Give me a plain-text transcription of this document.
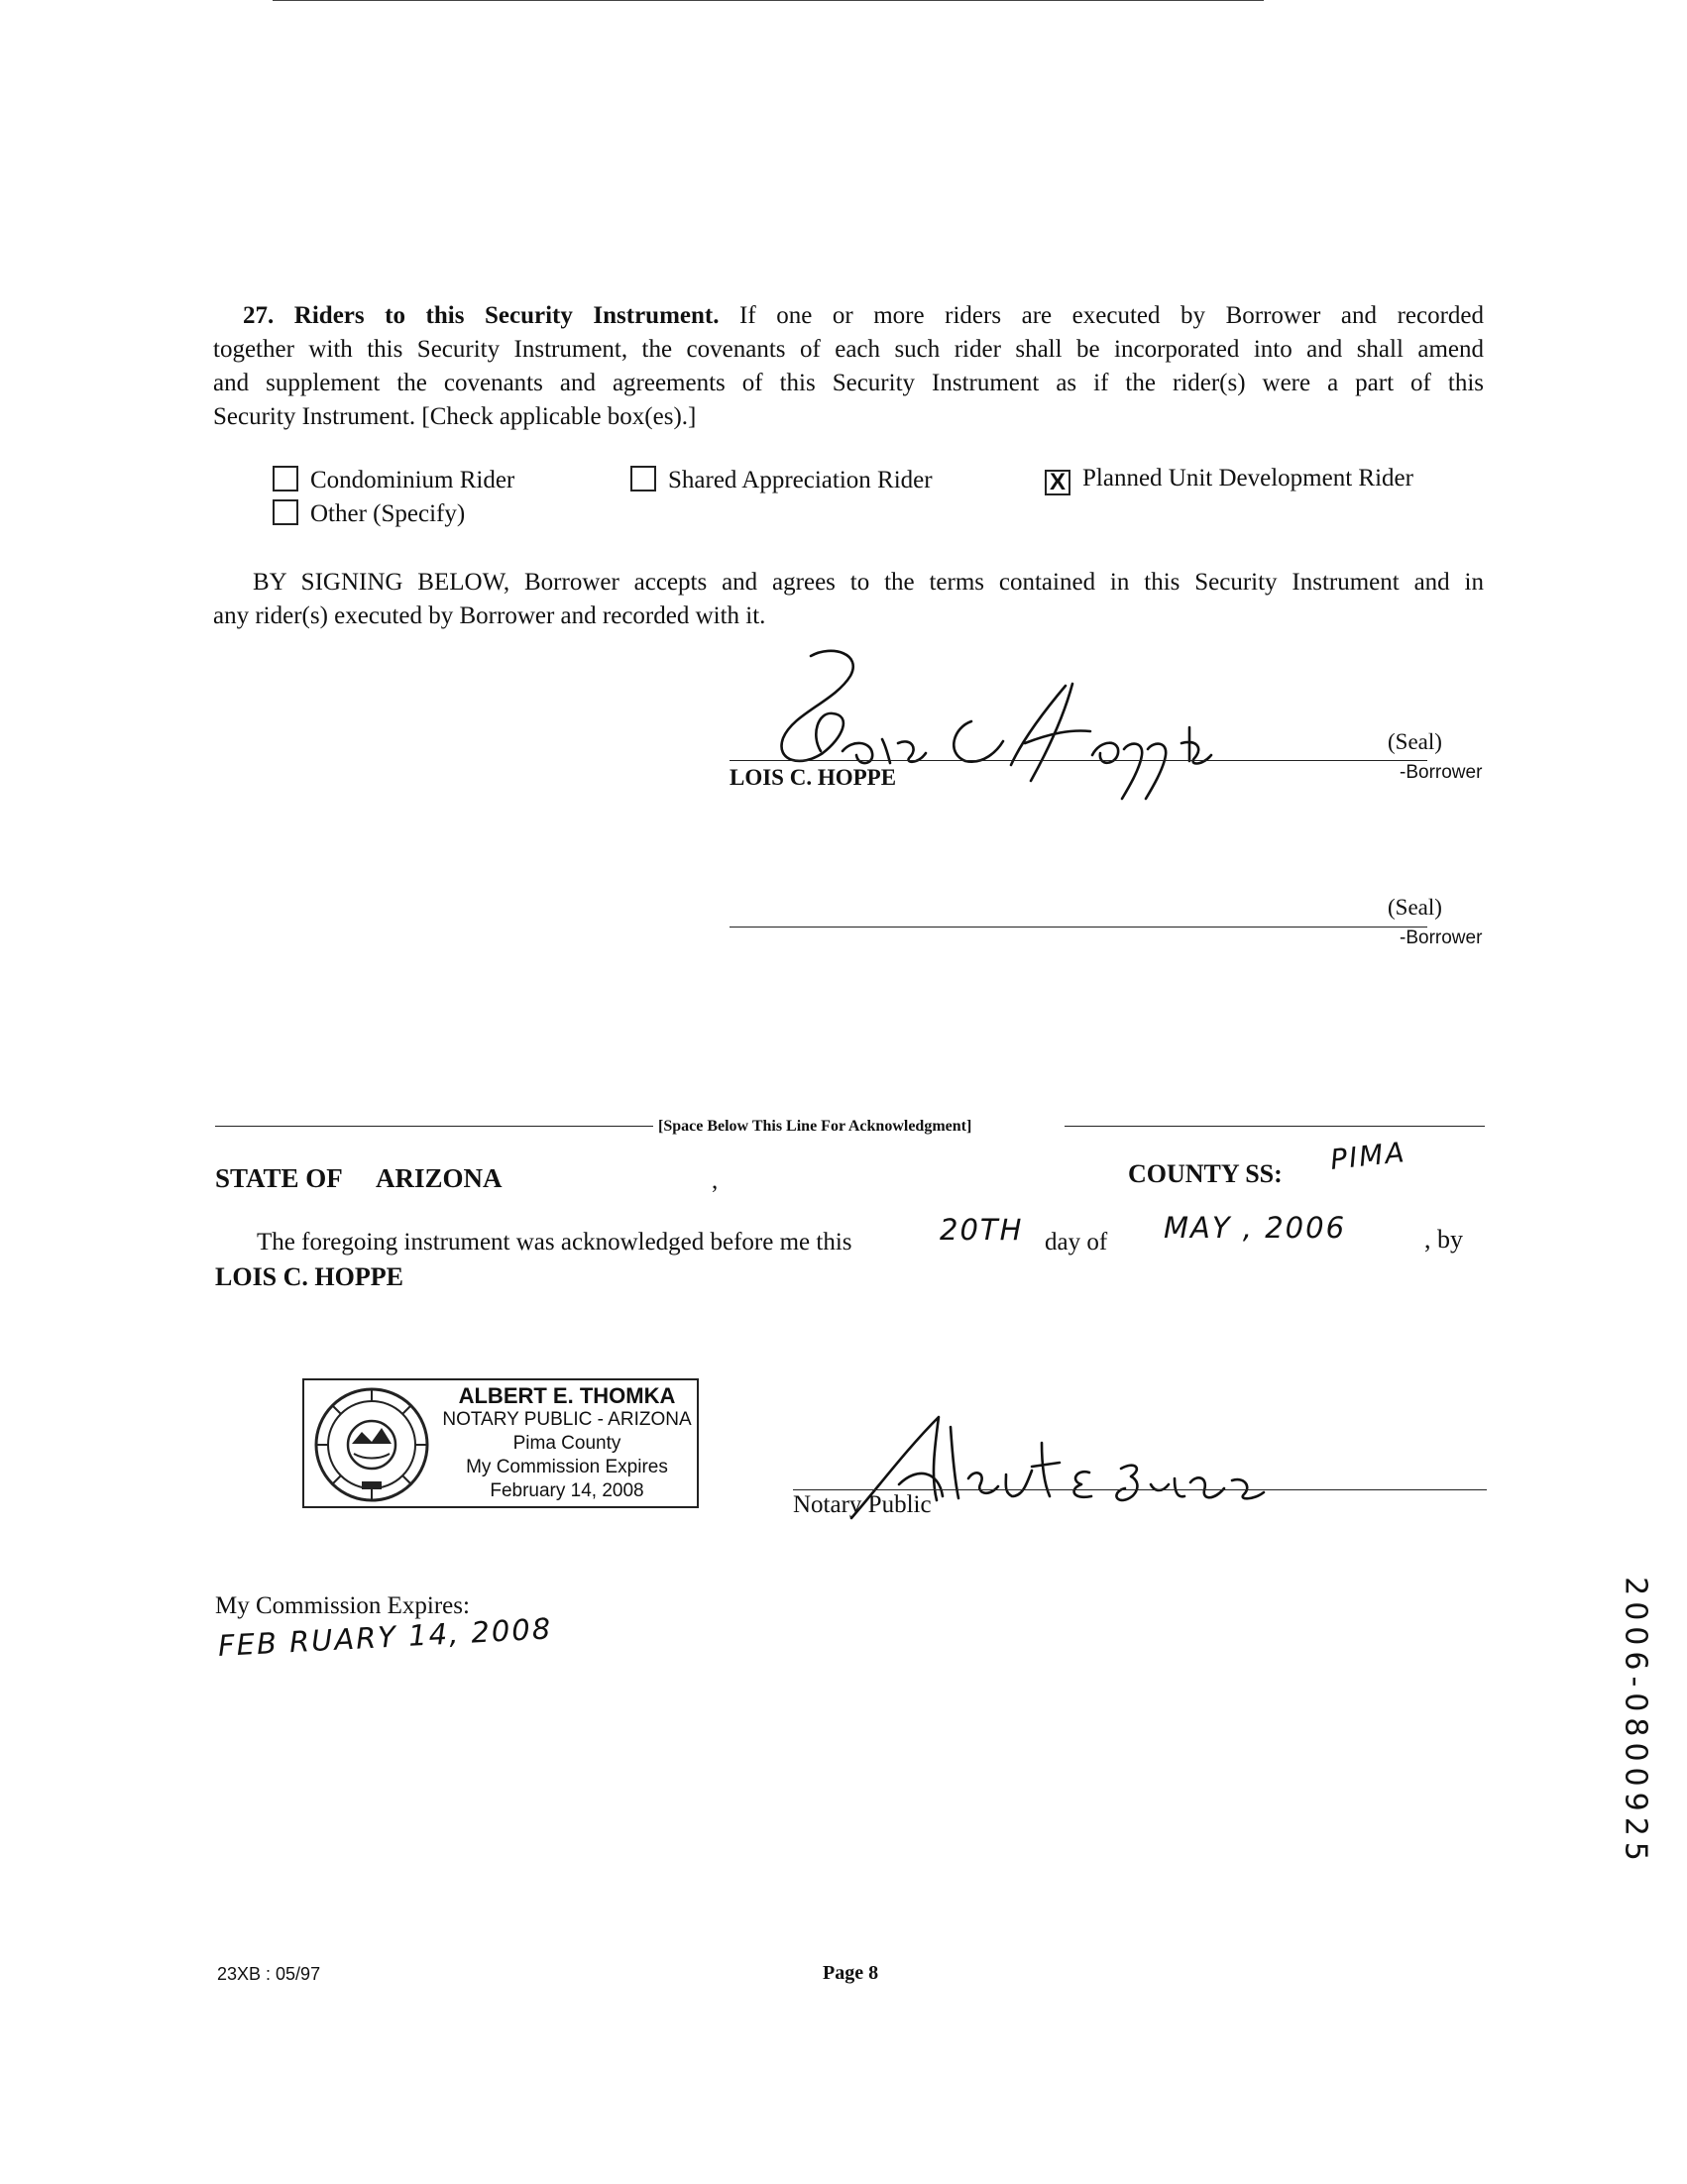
27. Riders to this Security Instrument. If one or more riders are executed by Borrower and recorded
together with this Security Instrument, the covenants of each such rider shall be incorporated into and shall amend
and supplement the covenants and agreements of this Security Instrument as if the rider(s) were a part of this
Security Instrument. [Check applicable box(es).]
Condominium Rider	Shared Appreciation Rider	X Planned Unit Development Rider
Other (Specify)
BY SIGNING BELOW, Borrower accepts and agrees to the terms contained in this Security Instrument and in
any rider(s) executed by Borrower and recorded with it.
LOIS C. HOPPE
(Seal)
-Borrower
(Seal)
-Borrower
[Space Below This Line For Acknowledgment]
STATE OF ARIZONA	,	COUNTY SS: PIMA
The foregoing instrument was acknowledged before me this	20TH day of MAY , 2006	, by
LOIS C. HOPPE
ALBERT E. THOMKA
NOTARY PUBLIC - ARIZONA
Pima County
My Commission Expires
February 14, 2008
Notary Public
My Commission Expires:
FEB RUARY 14, 2008	2006-0800925
23XB : 05/97	Page 8
